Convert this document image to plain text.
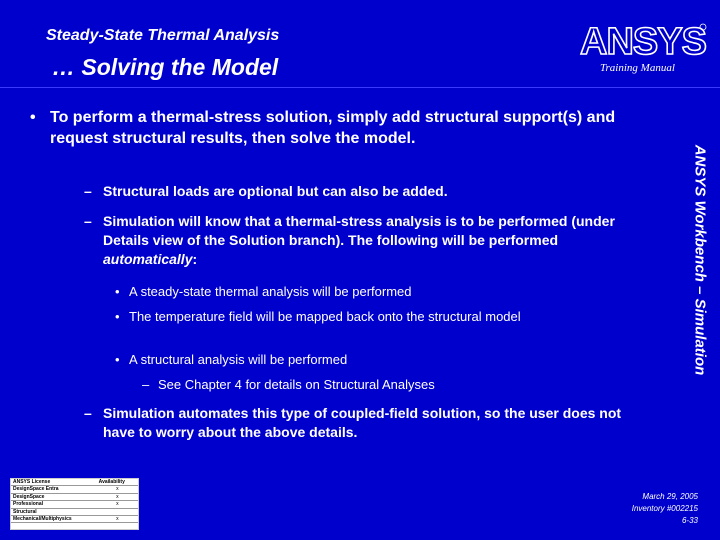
Steady-State Thermal Analysis
… Solving the Model
ANSYS
Training Manual
ANSYS Workbench – Simulation
• To perform a thermal-stress solution, simply add structural support(s) and request structural results, then solve the model.
– Structural loads are optional but can also be added.
– Simulation will know that a thermal-stress analysis is to be performed (under Details view of the Solution branch). The following will be performed automatically:
• A steady-state thermal analysis will be performed
• The temperature field will be mapped back onto the structural model
• A structural analysis will be performed
– See Chapter 4 for details on Structural Analyses
– Simulation automates this type of coupled-field solution, so the user does not have to worry about the above details.
ANSYS License	Availability
DesignSpace Entra	x
DesignSpace	x
Professional	x
Structural	
Mechanical/Multiphysics	x
March 29, 2005
Inventory #002215
6-33
